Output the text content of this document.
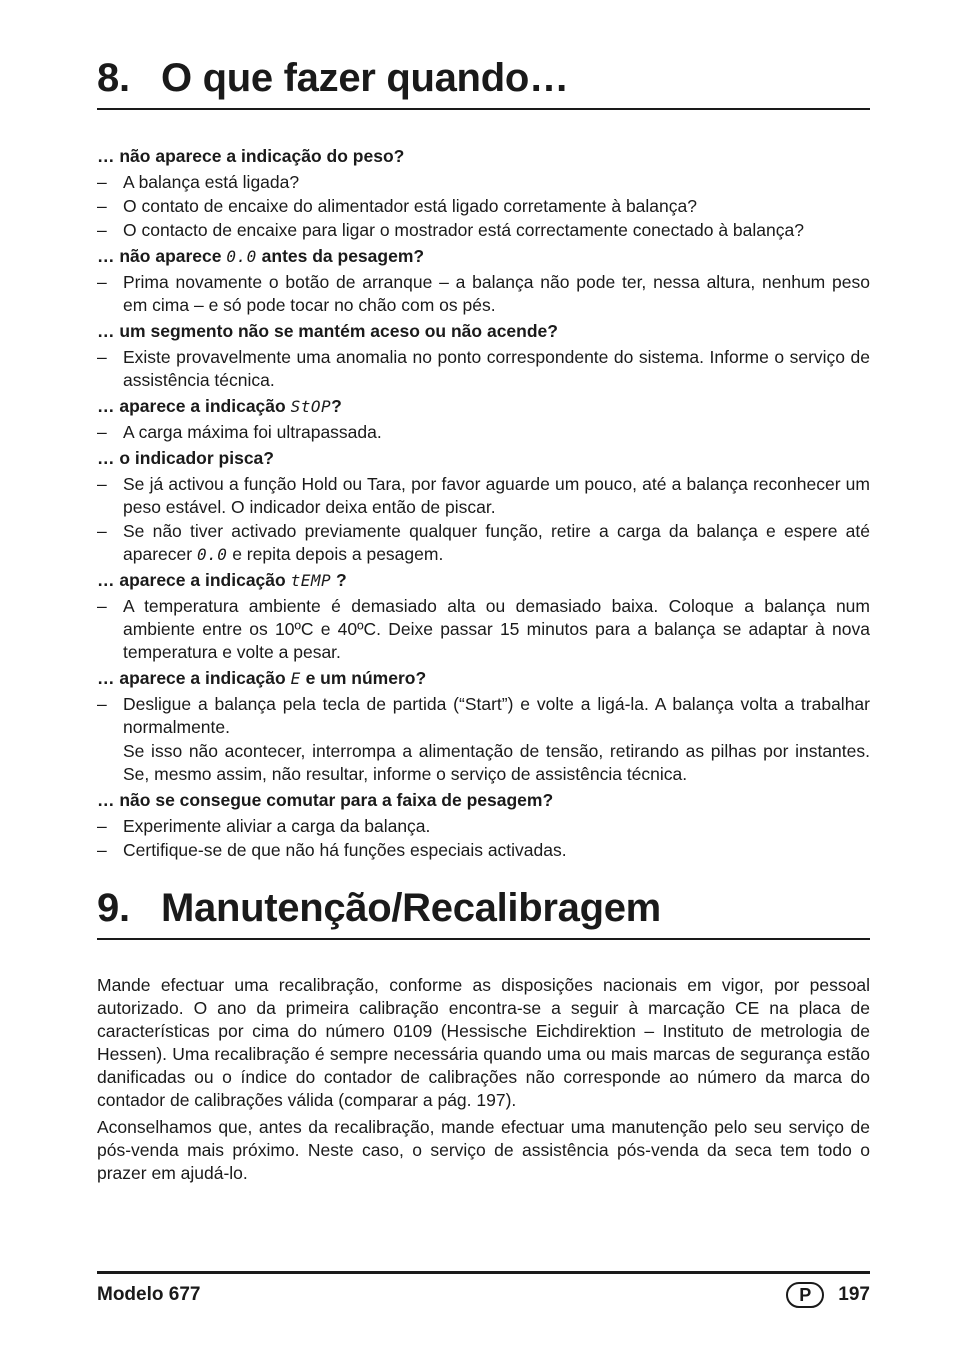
8. O que fazer quando…
… não aparece a indicação do peso?
– A balança está ligada?
– O contato de encaixe do alimentador está ligado corretamente à balança?
– O contacto de encaixe para ligar o mostrador está correctamente conectado à balança?
… não aparece 0.0 antes da pesagem?
– Prima novamente o botão de arranque – a balança não pode ter, nessa altura, nenhum peso em cima – e só pode tocar no chão com os pés.
… um segmento não se mantém aceso ou não acende?
– Existe provavelmente uma anomalia no ponto correspondente do sistema. Informe o serviço de assistência técnica.
… aparece a indicação StOP?
– A carga máxima foi ultrapassada.
… o indicador pisca?
– Se já activou a função Hold ou Tara, por favor aguarde um pouco, até a balança reconhecer um peso estável. O indicador deixa então de piscar.
– Se não tiver activado previamente qualquer função, retire a carga da balança e espere até aparecer 0.0 e repita depois a pesagem.
… aparece a indicação tEMP ?
– A temperatura ambiente é demasiado alta ou demasiado baixa. Coloque a balança num ambiente entre os 10ºC e 40ºC. Deixe passar 15 minutos para a balança se adaptar à nova temperatura e volte a pesar.
… aparece a indicação E e um número?
– Desligue a balança pela tecla de partida (“Start”) e volte a ligá-la. A balança volta a trabalhar normalmente.
Se isso não acontecer, interrompa a alimentação de tensão, retirando as pilhas por instantes. Se, mesmo assim, não resultar, informe o serviço de assistência técnica.
… não se consegue comutar para a faixa de pesagem?
– Experimente aliviar a carga da balança.
– Certifique-se de que não há funções especiais activadas.
9. Manutenção/Recalibragem

Mande efectuar uma recalibração, conforme as disposições nacionais em vigor, por pessoal autorizado. O ano da primeira calibração encontra-se a seguir à marcação CE na placa de características por cima do número 0109 (Hessische Eichdirektion – Instituto de metrologia de Hessen). Uma recalibração é sempre necessária quando uma ou mais marcas de segurança estão danificadas ou o índice do contador de calibrações não corresponde ao número da marca do contador de calibrações válida (comparar a pág. 197).

Aconselhamos que, antes da recalibração, mande efectuar uma manutenção pelo seu serviço de pós-venda mais próximo. Neste caso, o serviço de assistência pós-venda da seca tem todo o prazer em ajudá-lo.

Modelo 677	P	197
